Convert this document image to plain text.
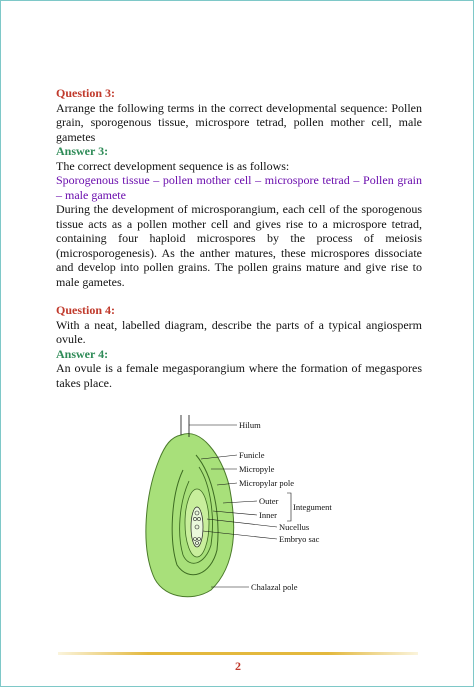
Question 3:

Arrange the following terms in the correct developmental sequence: Pollen grain, sporogenous tissue, microspore tetrad, pollen mother cell, male gametes

Answer 3:

The correct development sequence is as follows:

Sporogenous tissue – pollen mother cell – microspore tetrad – Pollen grain – male gamete

During the development of microsporangium, each cell of the sporogenous tissue acts as a pollen mother cell and gives rise to a microspore tetrad, containing four haploid microspores by the process of meiosis (microsporogenesis). As the anther matures, these microspores dissociate and develop into pollen grains. The pollen grains mature and give rise to male gametes.

Question 4:

With a neat, labelled diagram, describe the parts of a typical angiosperm ovule.

Answer 4:

An ovule is a female megasporangium where the formation of megaspores takes place.

Hilum
Funicle
Micropyle
Micropylar pole
Outer
Inner
Integument
Nucellus
Embryo sac
Chalazal pole
2
